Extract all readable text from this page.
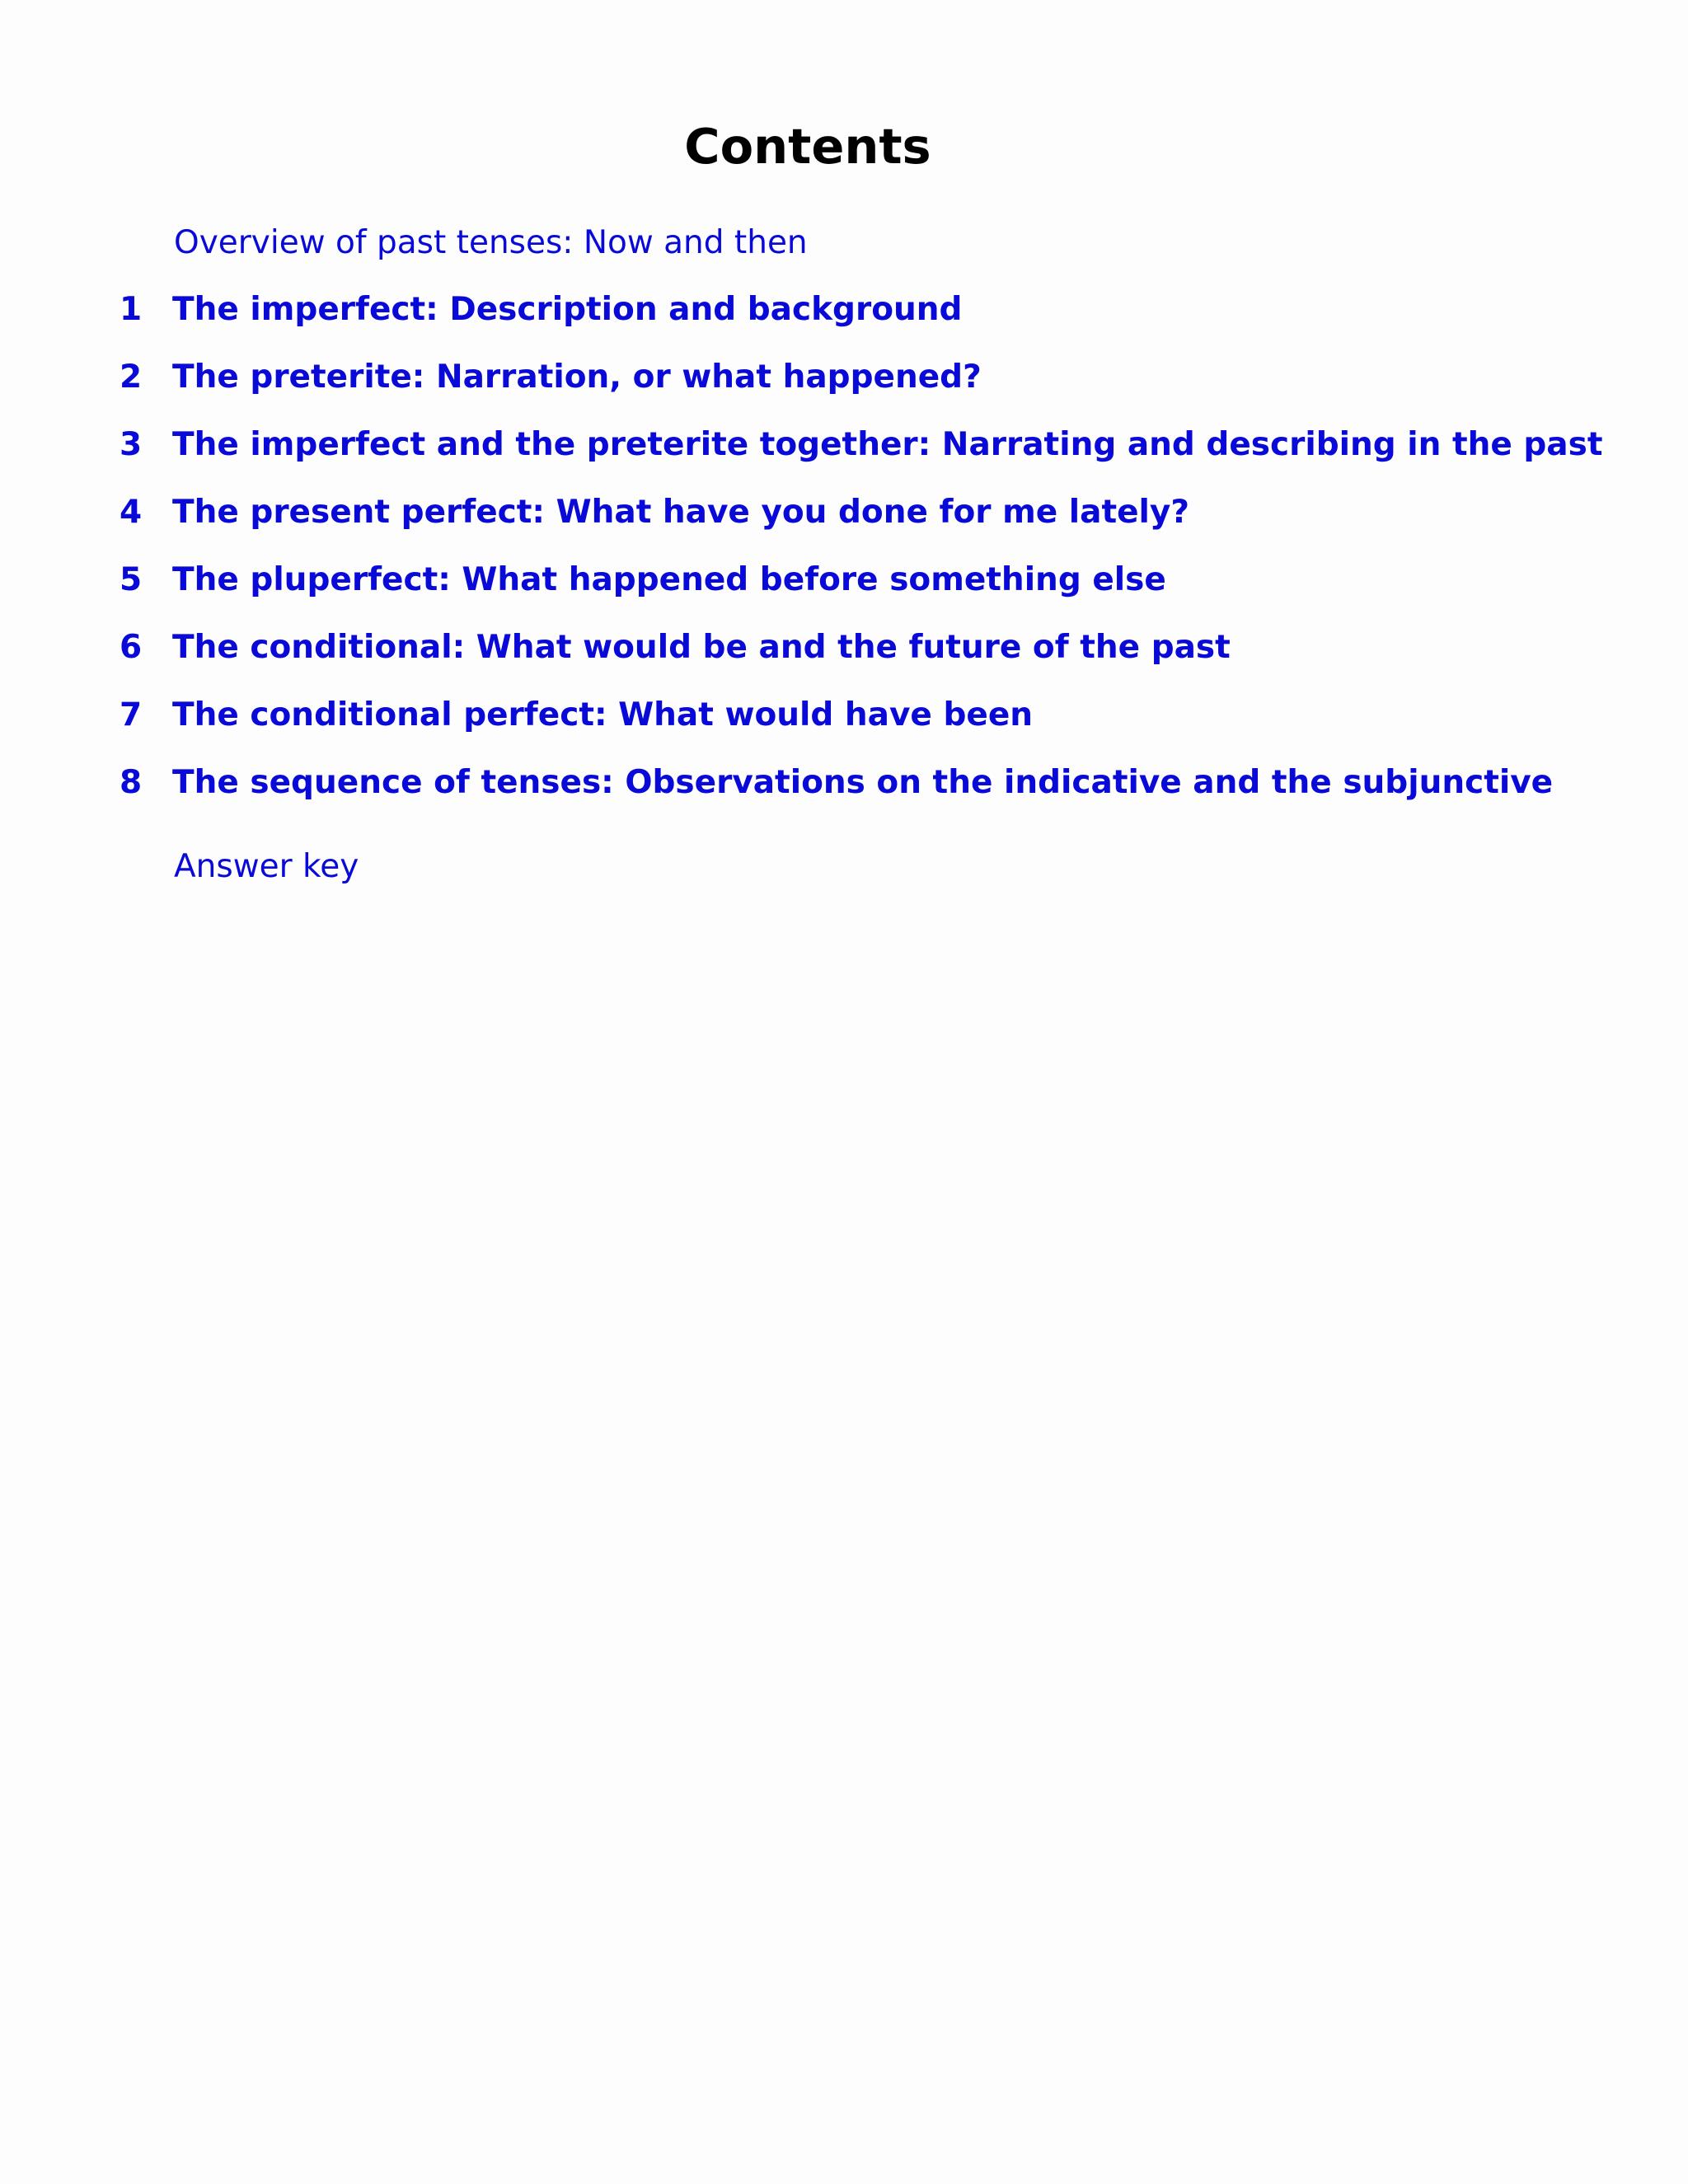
Contents
Overview of past tenses: Now and then
1 The imperfect: Description and background
2 The preterite: Narration, or what happened?
3 The imperfect and the preterite together: Narrating and describing in the past
4 The present perfect: What have you done for me lately?
5 The pluperfect: What happened before something else
6 The conditional: What would be and the future of the past
7 The conditional perfect: What would have been
8 The sequence of tenses: Observations on the indicative and the subjunctive
Answer key
